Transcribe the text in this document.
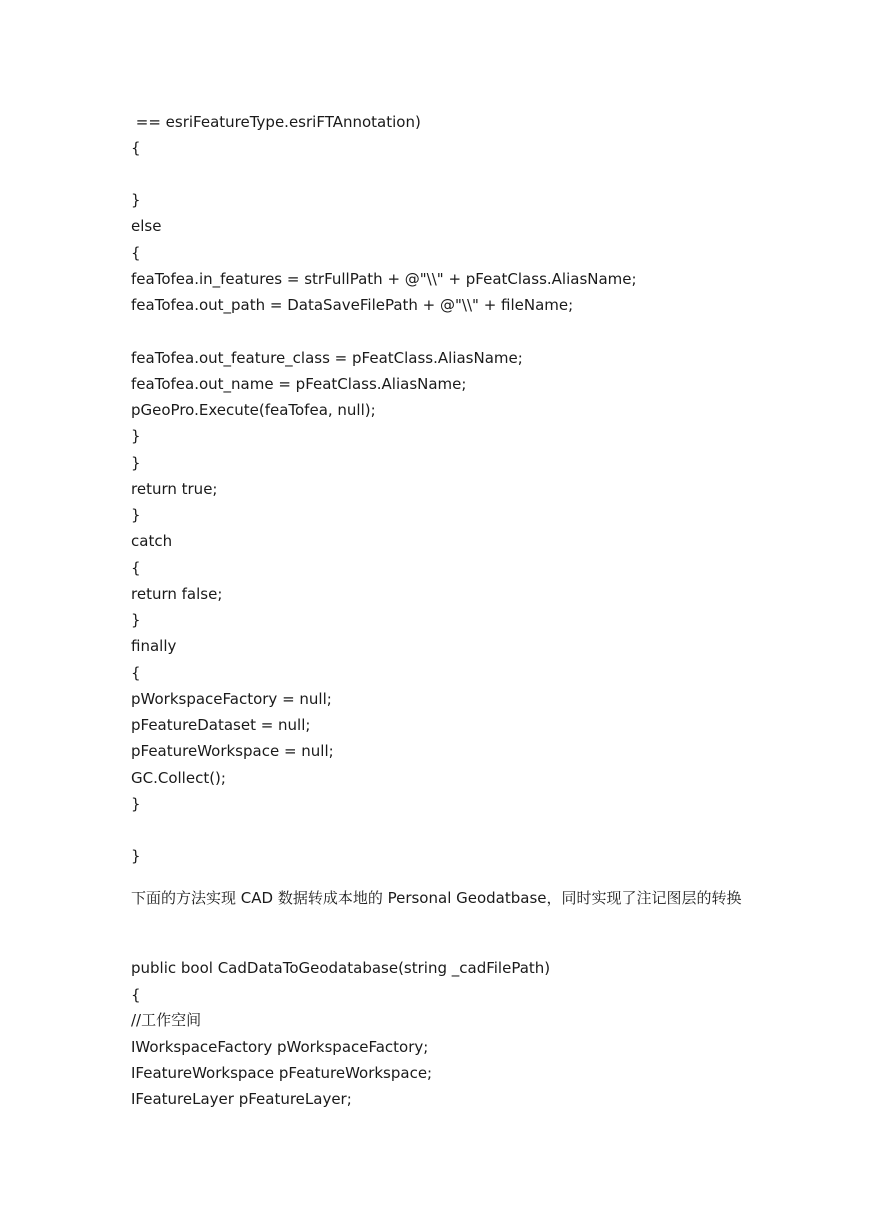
== esriFeatureType.esriFTAnnotation)
{
}
else
{
feaTofea.in_features = strFullPath + @"\\" + pFeatClass.AliasName;
feaTofea.out_path = DataSaveFilePath + @"\\" + fileName;
feaTofea.out_feature_class = pFeatClass.AliasName;
feaTofea.out_name = pFeatClass.AliasName;
pGeoPro.Execute(feaTofea, null);
}
}
return true;
}
catch
{
return false;
}
finally
{
pWorkspaceFactory = null;
pFeatureDataset = null;
pFeatureWorkspace = null;
GC.Collect();
}
}
下面的方法实现 CAD 数据转成本地的 Personal Geodatbase，同时实现了注记图层的转换
public bool CadDataToGeodatabase(string _cadFilePath)
{
//工作空间
IWorkspaceFactory pWorkspaceFactory;
IFeatureWorkspace pFeatureWorkspace;
IFeatureLayer pFeatureLayer;
